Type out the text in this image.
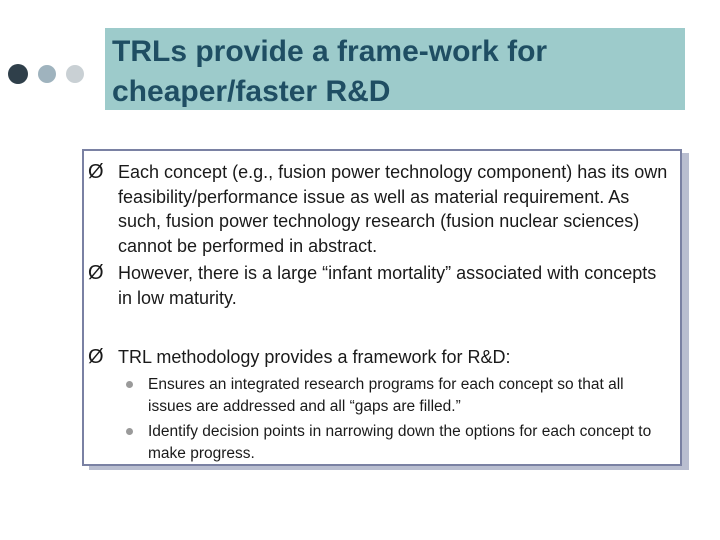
TRLs provide a frame-work for cheaper/faster R&D
Ø Each concept (e.g., fusion power technology component) has its own feasibility/performance issue as well as material requirement. As such, fusion power technology research (fusion nuclear sciences) cannot be performed in abstract.
Ø However, there is a large “infant mortality” associated with concepts in low maturity.
Ø TRL methodology provides a framework for R&D:
Ensures an integrated research programs for each concept so that all issues are addressed and all “gaps are filled.”
Identify decision points in narrowing down the options for each concept to make progress.
